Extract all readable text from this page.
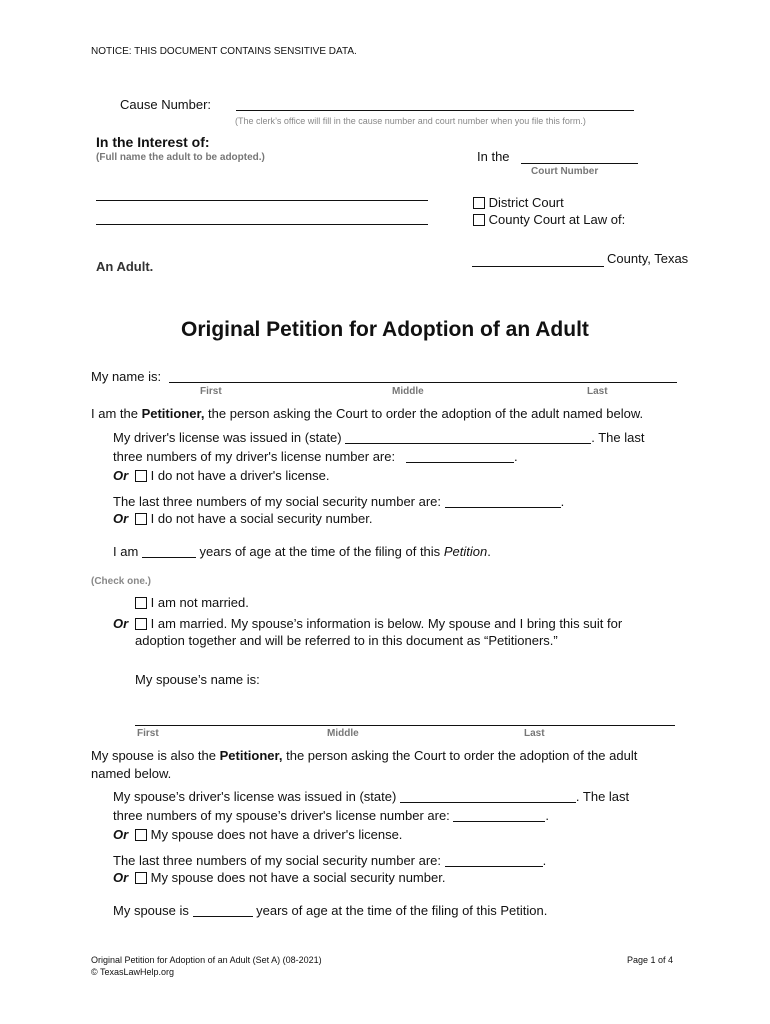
NOTICE: THIS DOCUMENT CONTAINS SENSITIVE DATA.
Cause Number:
(The clerk’s office will fill in the cause number and court number when you file this form.)
In the Interest of:
(Full name the adult to be adopted.)
An Adult.
In the
Court Number
District Court
County Court at Law of:
County, Texas
Original Petition for Adoption of an Adult
My name is:
First	Middle	Last
I am the Petitioner, the person asking the Court to order the adoption of the adult named below.
My driver's license was issued in (state)	. The last
three numbers of my driver's license number are:	.
Or I do not have a driver's license.
The last three numbers of my social security number are:	.
Or I do not have a social security number.
I am	years of age at the time of the filing of this Petition.
(Check one.)
I am not married.
Or I am married. My spouse’s information is below. My spouse and I bring this suit for
adoption together and will be referred to in this document as “Petitioners.”
My spouse’s name is:
First	Middle	Last
My spouse is also the Petitioner, the person asking the Court to order the adoption of the adult
named below.
My spouse’s driver's license was issued in (state)	. The last
three numbers of my spouse’s driver's license number are:	.
Or My spouse does not have a driver's license.
The last three numbers of my social security number are:	.
Or My spouse does not have a social security number.
My spouse is	years of age at the time of the filing of this Petition.
Original Petition for Adoption of an Adult (Set A) (08-2021)
© TexasLawHelp.org
Page 1 of 4
